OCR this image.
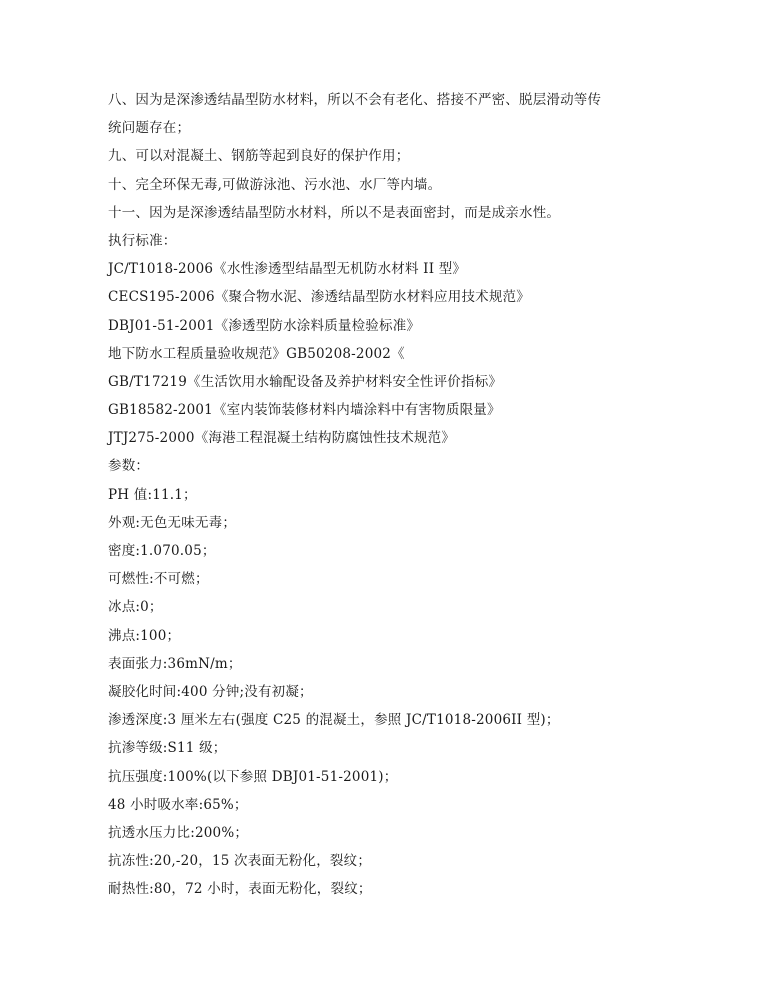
八、因为是深渗透结晶型防水材料，所以不会有老化、搭接不严密、脱层滑动等传
统问题存在；
九、可以对混凝土、钢筋等起到良好的保护作用；
十、完全环保无毒,可做游泳池、污水池、水厂等内墙。
十一、因为是深渗透结晶型防水材料，所以不是表面密封，而是成亲水性。
执行标准：
JC/T1018-2006《水性渗透型结晶型无机防水材料 II 型》
CECS195-2006《聚合物水泥、渗透结晶型防水材料应用技术规范》
DBJ01-51-2001《渗透型防水涂料质量检验标准》
地下防水工程质量验收规范》GB50208-2002《
GB/T17219《生活饮用水输配设备及养护材料安全性评价指标》
GB18582-2001《室内装饰装修材料内墙涂料中有害物质限量》
JTJ275-2000《海港工程混凝土结构防腐蚀性技术规范》
参数：
PH 值:11.1；
外观:无色无味无毒；
密度:1.070.05；
可燃性:不可燃；
冰点:0；
沸点:100；
表面张力:36mN/m；
凝胶化时间:400 分钟;没有初凝；
渗透深度:3 厘米左右(强度 C25 的混凝土，参照 JC/T1018-2006II 型)；
抗渗等级:S11 级；
抗压强度:100%(以下参照 DBJ01-51-2001)；
48 小时吸水率:65%；
抗透水压力比:200%；
抗冻性:20,-20，15 次表面无粉化，裂纹；
耐热性:80，72 小时，表面无粉化，裂纹；
